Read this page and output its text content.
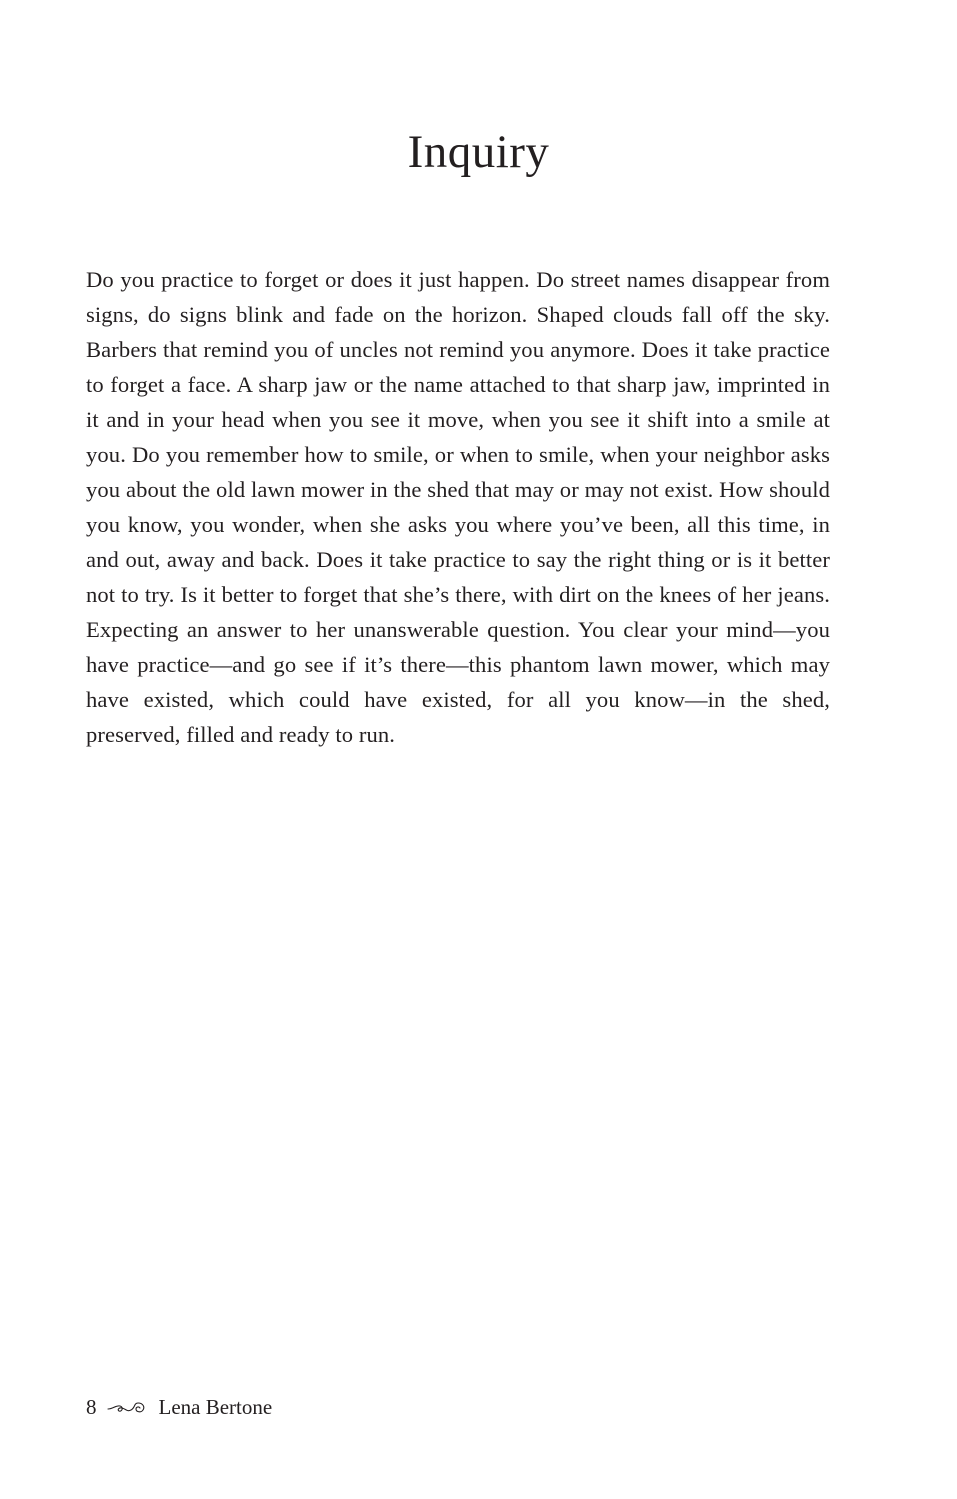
Inquiry

Do you practice to forget or does it just happen. Do street names disappear from signs, do signs blink and fade on the horizon. Shaped clouds fall off the sky. Barbers that remind you of uncles not remind you anymore. Does it take practice to forget a face. A sharp jaw or the name attached to that sharp jaw, imprinted in it and in your head when you see it move, when you see it shift into a smile at you. Do you remember how to smile, or when to smile, when your neighbor asks you about the old lawn mower in the shed that may or may not exist. How should you know, you wonder, when she asks you where you’ve been, all this time, in and out, away and back. Does it take practice to say the right thing or is it better not to try. Is it better to forget that she’s there, with dirt on the knees of her jeans. Expecting an answer to her unanswerable question. You clear your mind—you have practice—and go see if it’s there—this phantom lawn mower, which may have existed, which could have existed, for all you know—in the shed, preserved, filled and ready to run.

8	Lena Bertone
